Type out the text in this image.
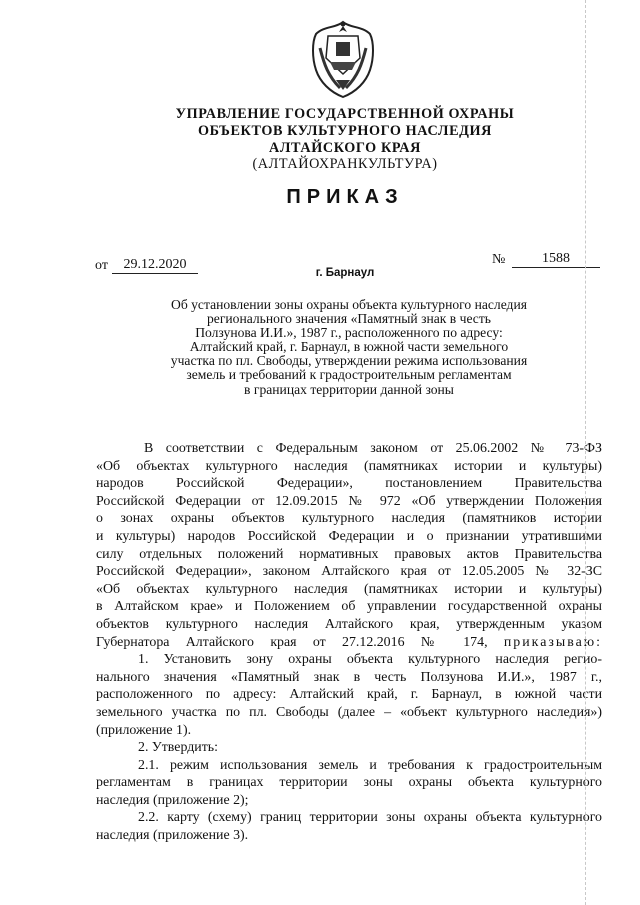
УПРАВЛЕНИЕ ГОСУДАРСТВЕННОЙ ОХРАНЫ
ОБЪЕКТОВ КУЛЬТУРНОГО НАСЛЕДИЯ
АЛТАЙСКОГО КРАЯ
(АЛТАЙОХРАНКУЛЬТУРА)
ПРИКАЗ
от	29.12.2020	№	1588
г. Барнаул
Об установлении зоны охраны объекта культурного наследия
регионального значения «Памятный знак в честь
Ползунова И.И.», 1987 г., расположенного по адресу:
Алтайский край, г. Барнаул, в южной части земельного
участка по пл. Свободы, утверждении режима использования
земель и требований к градостроительным регламентам
в границах территории данной зоны
В соответствии с Федеральным законом от 25.06.2002 № 73-ФЗ
«Об объектах культурного наследия (памятниках истории и культуры)
народов Российской Федерации», постановлением Правительства
Российской Федерации от 12.09.2015 № 972 «Об утверждении Положения
о зонах охраны объектов культурного наследия (памятников истории
и культуры) народов Российской Федерации и о признании утратившими
силу отдельных положений нормативных правовых актов Правительства
Российской Федерации», законом Алтайского края от 12.05.2005 № 32-ЗС
«Об объектах культурного наследия (памятниках истории и культуры)
в Алтайском крае» и Положением об управлении государственной охраны
объектов культурного наследия Алтайского края, утвержденным указом
Губернатора Алтайского края от 27.12.2016 № 174, приказываю:
1. Установить зону охраны объекта культурного наследия регио-
нального значения «Памятный знак в честь Ползунова И.И.», 1987 г.,
расположенного по адресу: Алтайский край, г. Барнаул, в южной части
земельного участка по пл. Свободы (далее – «объект культурного наследия»)
(приложение 1).
2. Утвердить:
2.1. режим использования земель и требования к градостроительным
регламентам в границах территории зоны охраны объекта культурного
наследия (приложение 2);
2.2. карту (схему) границ территории зоны охраны объекта культурного
наследия (приложение 3).
